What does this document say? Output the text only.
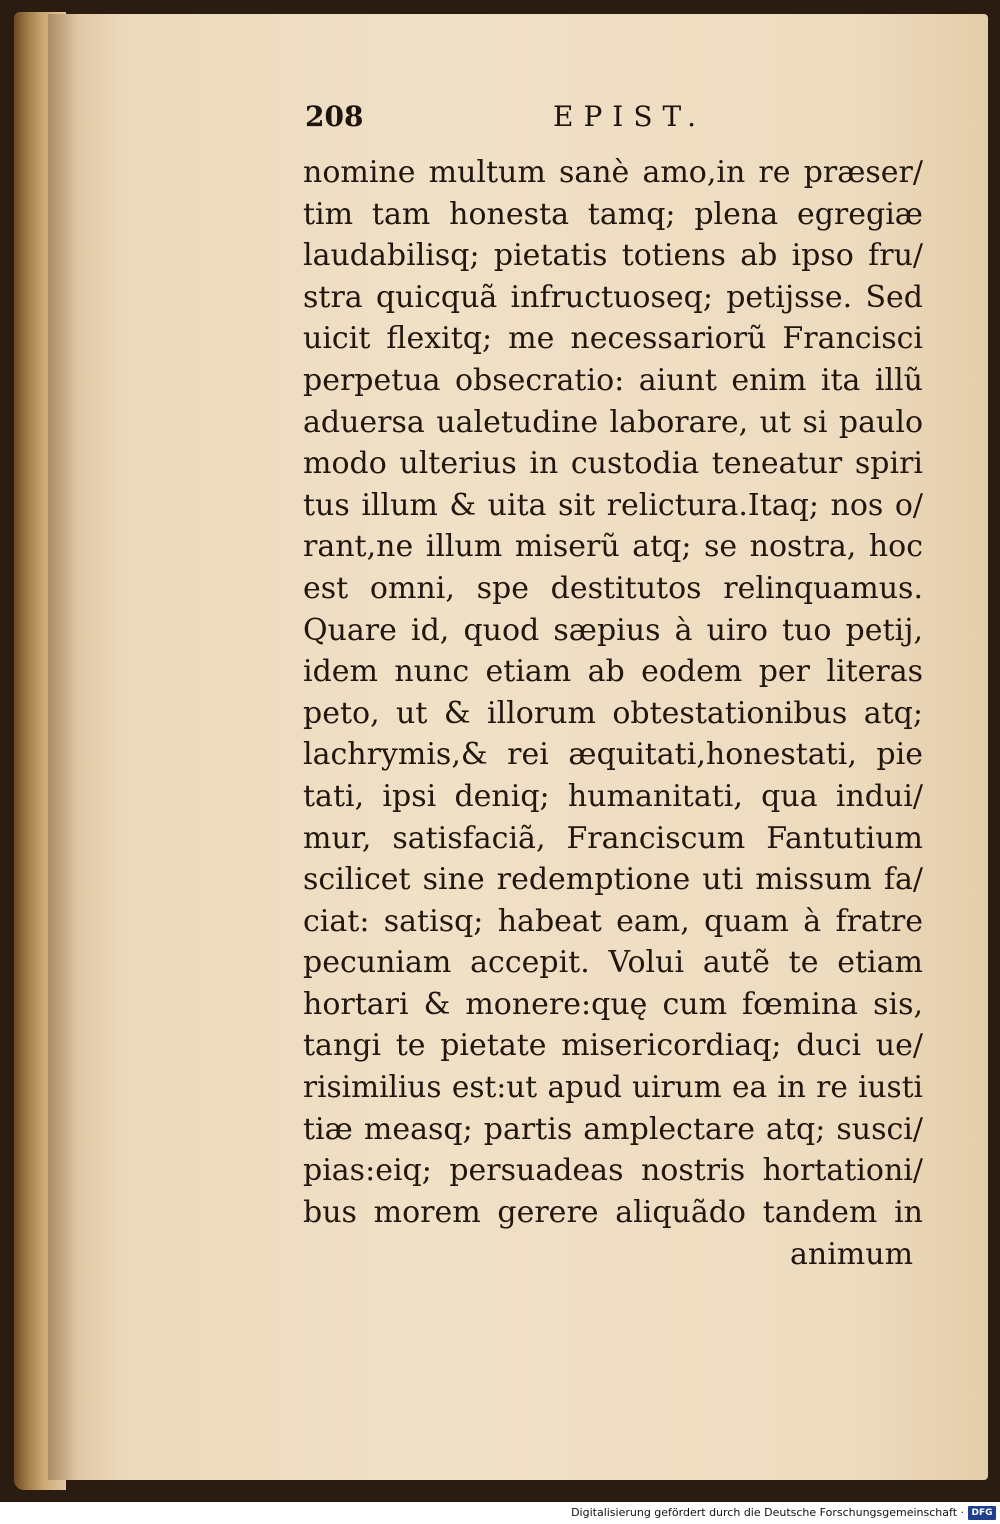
208	EPIST.
nomine multum sanè amo,in re præser/
tim tam honesta tamq; plena egregiæ
laudabilisq; pietatis totiens ab ipso fru/
stra quicquã infructuoseq; petijsse. Sed
uicit flexitq; me necessariorũ Francisci
perpetua obsecratio: aiunt enim ita illũ
aduersa ualetudine laborare, ut si paulo
modo ulterius in custodia teneatur spiri
tus illum & uita sit relictura.Itaq; nos o/
rant,ne illum miserũ atq; se nostra, hoc
est omni, spe destitutos relinquamus.
Quare id, quod sæpius à uiro tuo petij,
idem nunc etiam ab eodem per literas
peto, ut & illorum obtestationibus atq;
lachrymis,& rei æquitati,honestati, pie
tati, ipsi deniq; humanitati, qua indui/
mur, satisfaciã, Franciscum Fantutium
scilicet sine redemptione uti missum fa/
ciat: satisq; habeat eam, quam à fratre
pecuniam accepit. Volui autẽ te etiam
hortari & monere:quę cum fœmina sis,
tangi te pietate misericordiaq; duci ue/
risimilius est:ut apud uirum ea in re iusti
tiæ measq; partis amplectare atq; susci/
pias:eiq; persuadeas nostris hortationi/
bus morem gerere aliquãdo tandem in
animum
Digitalisierung gefördert durch die Deutsche Forschungsgemeinschaft · DFG
